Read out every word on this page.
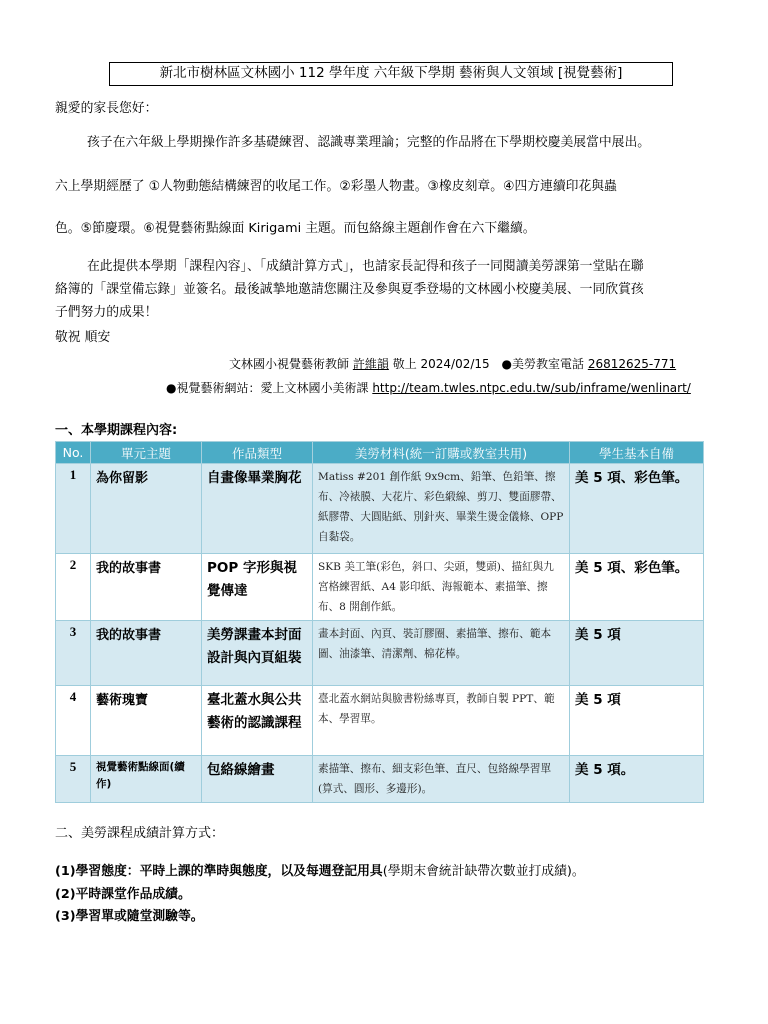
新北市樹林區文林國小 112 學年度 六年級下學期 藝術與人文領域 [視覺藝術]
親愛的家長您好：
孩子在六年級上學期操作許多基礎練習、認識專業理論；完整的作品將在下學期校慶美展當中展出。
六上學期經歷了 ①人物動態結構練習的收尾工作。②彩墨人物畫。③橡皮刻章。④四方連續印花與蟲
色。⑤節慶環。⑥視覺藝術點線面 Kirigami 主題。而包絡線主題創作會在六下繼續。
在此提供本學期「課程內容」、「成績計算方式」，也請家長記得和孩子一同閱讀美勞課第一堂貼在聯
絡簿的「課堂備忘錄」並簽名。最後誠摯地邀請您關注及參與夏季登場的文林國小校慶美展、一同欣賞孩
子們努力的成果！
敬祝 順安
文林國小視覺藝術教師 許維韻 敬上 2024/02/15 ●美勞教室電話 26812625-771
●視覺藝術網站：愛上文林國小美術課 http://team.twles.ntpc.edu.tw/sub/inframe/wenlinart/
一、本學期課程內容:
No.	單元主題	作品類型	美勞材料(統一訂購或教室共用)	學生基本自備
1	為你留影	自畫像畢業胸花	Matiss #201 創作紙 9x9cm、鉛筆、色鉛筆、擦布、冷裱膜、大花片、彩色緞線、剪刀、雙面膠帶、紙膠帶、大圓貼紙、別針夾、畢業生燙金儀條、OPP 自黏袋。	美 5 項、彩色筆。
2	我的故事書	POP 字形與視覺傳達	SKB 美工筆(彩色，斜口、尖頭，雙頭)、描紅與九宮格練習紙、A4 影印紙、海報範本、素描筆、擦布、8 開創作紙。	美 5 項、彩色筆。
3	我的故事書	美勞課畫本封面設計與內頁組裝	畫本封面、內頁、裝訂膠圈、素描筆、擦布、範本圖、油漆筆、清潔劑、棉花棒。	美 5 項
4	藝術瑰寶	臺北蓋水與公共藝術的認識課程	臺北蓋水網站與臉書粉絲專頁，教師自製 PPT、範本、學習單。	美 5 項
5	視覺藝術點線面(續作)	包絡線繪畫	素描筆、擦布、細支彩色筆、直尺、包絡線學習單(算式、圓形、多邊形)。	美 5 項。
二、美勞課程成績計算方式：
(1)學習態度：平時上課的準時與態度，以及每週登記用具(學期末會統計缺帶次數並打成績)。
(2)平時課堂作品成績。
(3)學習單或隨堂測驗等。
